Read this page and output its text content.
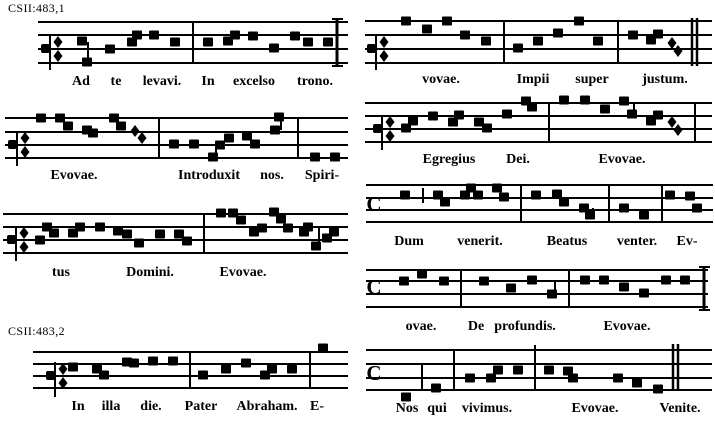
CSII:483,1
CSII:483,2
Ad te levavi. In excelso trono.
Evovae.	Introduxit nos. Spiri-
tus	Domini.	Evovae.
In illa die. Pater Abraham. E-
vovae.	Impii super justum.
Egregius Dei.	Evovae.
C
Dum venerit.	Beatus venter. Ev-
C
ovae. De profundis.	Evovae.
C
Nos qui vivimus.	Evovae.	Venite.
